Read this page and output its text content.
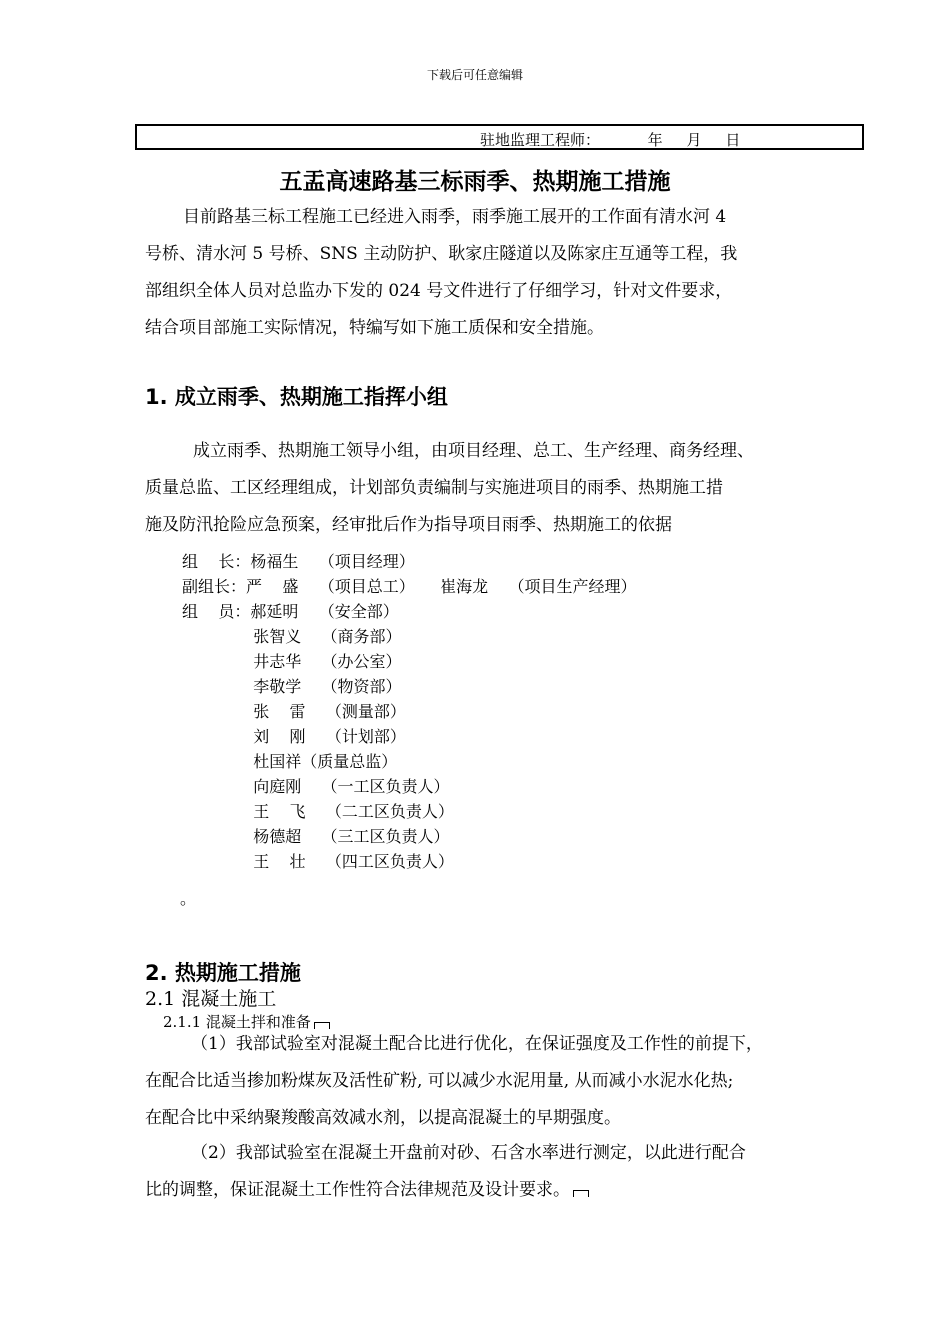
下载后可任意编辑
驻地监理工程师：          年     月     日
五盂高速路基三标雨季、热期施工措施
目前路基三标工程施工已经进入雨季，雨季施工展开的工作面有清水河 4
号桥、清水河 5 号桥、SNS 主动防护、耿家庄隧道以及陈家庄互通等工程，我
部组织全体人员对总监办下发的 024 号文件进行了仔细学习，针对文件要求，
结合项目部施工实际情况，特编写如下施工质保和安全措施。
1. 成立雨季、热期施工指挥小组
成立雨季、热期施工领导小组，由项目经理、总工、生产经理、商务经理、
质量总监、工区经理组成，计划部负责编制与实施进项目的雨季、热期施工措
施及防汛抢险应急预案，经审批后作为指导项目雨季、热期施工的依据
组    长：杨福生    （项目经理）
副组长：严    盛    （项目总工）     崔海龙    （项目生产经理）
组    员：郝延明    （安全部）
张智义    （商务部）
井志华    （办公室）
李敬学    （物资部）
张    雷    （测量部）
刘    刚    （计划部）
杜国祥（质量总监）
向庭刚    （一工区负责人）
王    飞    （二工区负责人）
杨德超    （三工区负责人）
王    壮    （四工区负责人）
。
2. 热期施工措施
2.1 混凝土施工
2.1.1 混凝土拌和准备
（1）我部试验室对混凝土配合比进行优化，在保证强度及工作性的前提下，
在配合比适当掺加粉煤灰及活性矿粉, 可以减少水泥用量, 从而减小水泥水化热;
在配合比中采纳聚羧酸高效减水剂，以提高混凝土的早期强度。
（2）我部试验室在混凝土开盘前对砂、石含水率进行测定，以此进行配合
比的调整，保证混凝土工作性符合法律规范及设计要求。
